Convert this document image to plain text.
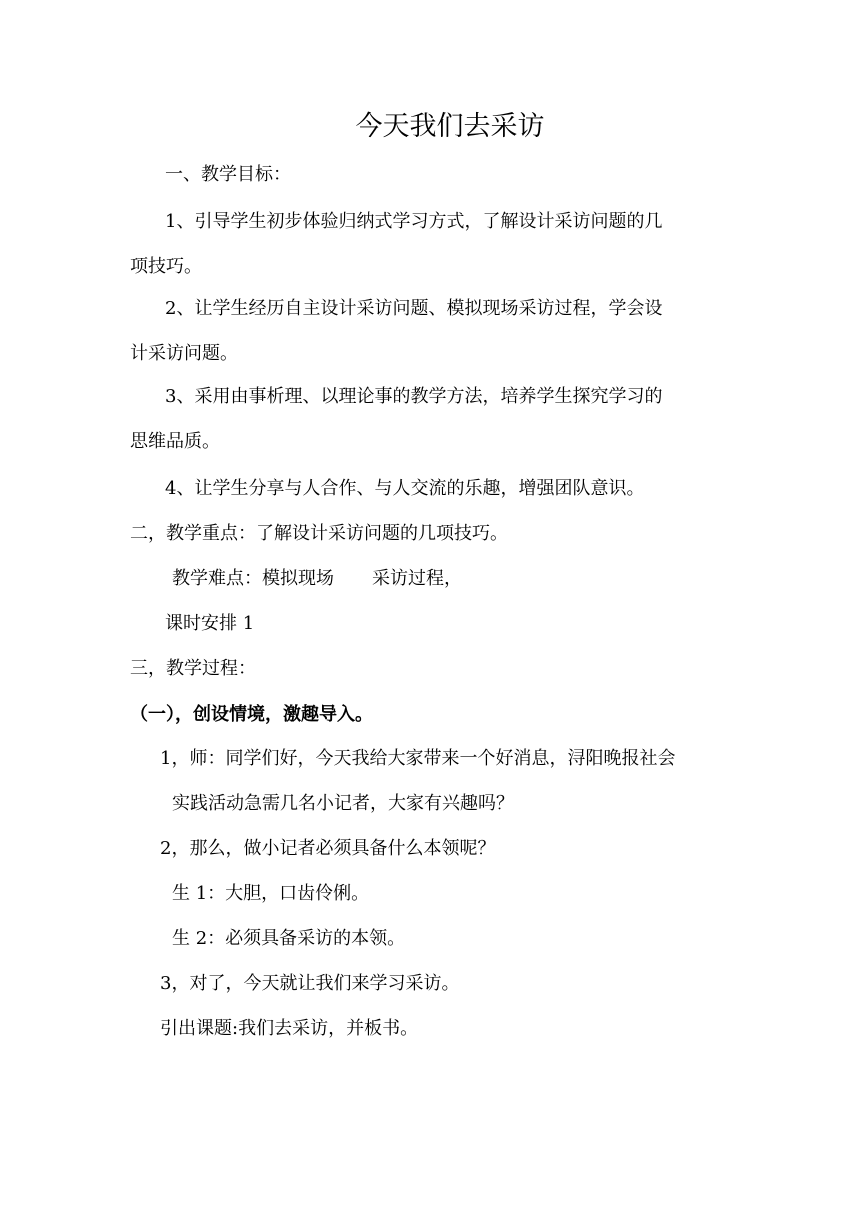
今天我们去采访

一、教学目标：

1、引导学生初步体验归纳式学习方式，了解设计采访问题的几

项技巧。

2、让学生经历自主设计采访问题、模拟现场采访过程，学会设

计采访问题。

3、采用由事析理、以理论事的教学方法，培养学生探究学习的

思维品质。

4、让学生分享与人合作、与人交流的乐趣，增强团队意识。

二，教学重点：了解设计采访问题的几项技巧。

教学难点：模拟现场 采访过程，

课时安排 1

三，教学过程：

（一），创设情境，激趣导入。

1，师：同学们好，今天我给大家带来一个好消息，浔阳晚报社会

实践活动急需几名小记者，大家有兴趣吗？

2，那么，做小记者必须具备什么本领呢？

生 1：大胆，口齿伶俐。

生 2：必须具备采访的本领。

3，对了，今天就让我们来学习采访。

引出课题:我们去采访，并板书。
